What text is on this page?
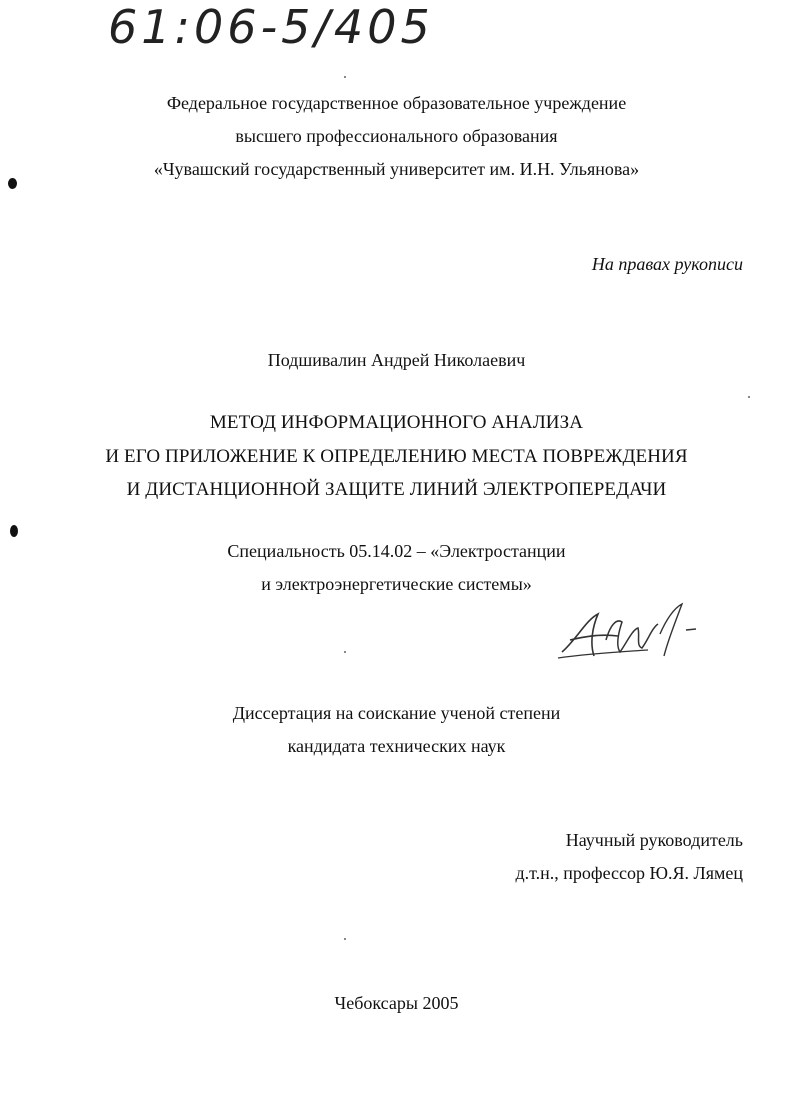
61:06-5/405
Федеральное государственное образовательное учреждение
высшего профессионального образования
«Чувашский государственный университет им. И.Н. Ульянова»
На правах рукописи
Подшивалин Андрей Николаевич
МЕТОД ИНФОРМАЦИОННОГО АНАЛИЗА
И ЕГО ПРИЛОЖЕНИЕ К ОПРЕДЕЛЕНИЮ МЕСТА ПОВРЕЖДЕНИЯ
И ДИСТАНЦИОННОЙ ЗАЩИТЕ ЛИНИЙ ЭЛЕКТРОПЕРЕДАЧИ
Специальность 05.14.02 – «Электростанции
и электроэнергетические системы»
Диссертация на соискание ученой степени
кандидата технических наук
Научный руководитель
д.т.н., профессор Ю.Я. Лямец
Чебоксары 2005
